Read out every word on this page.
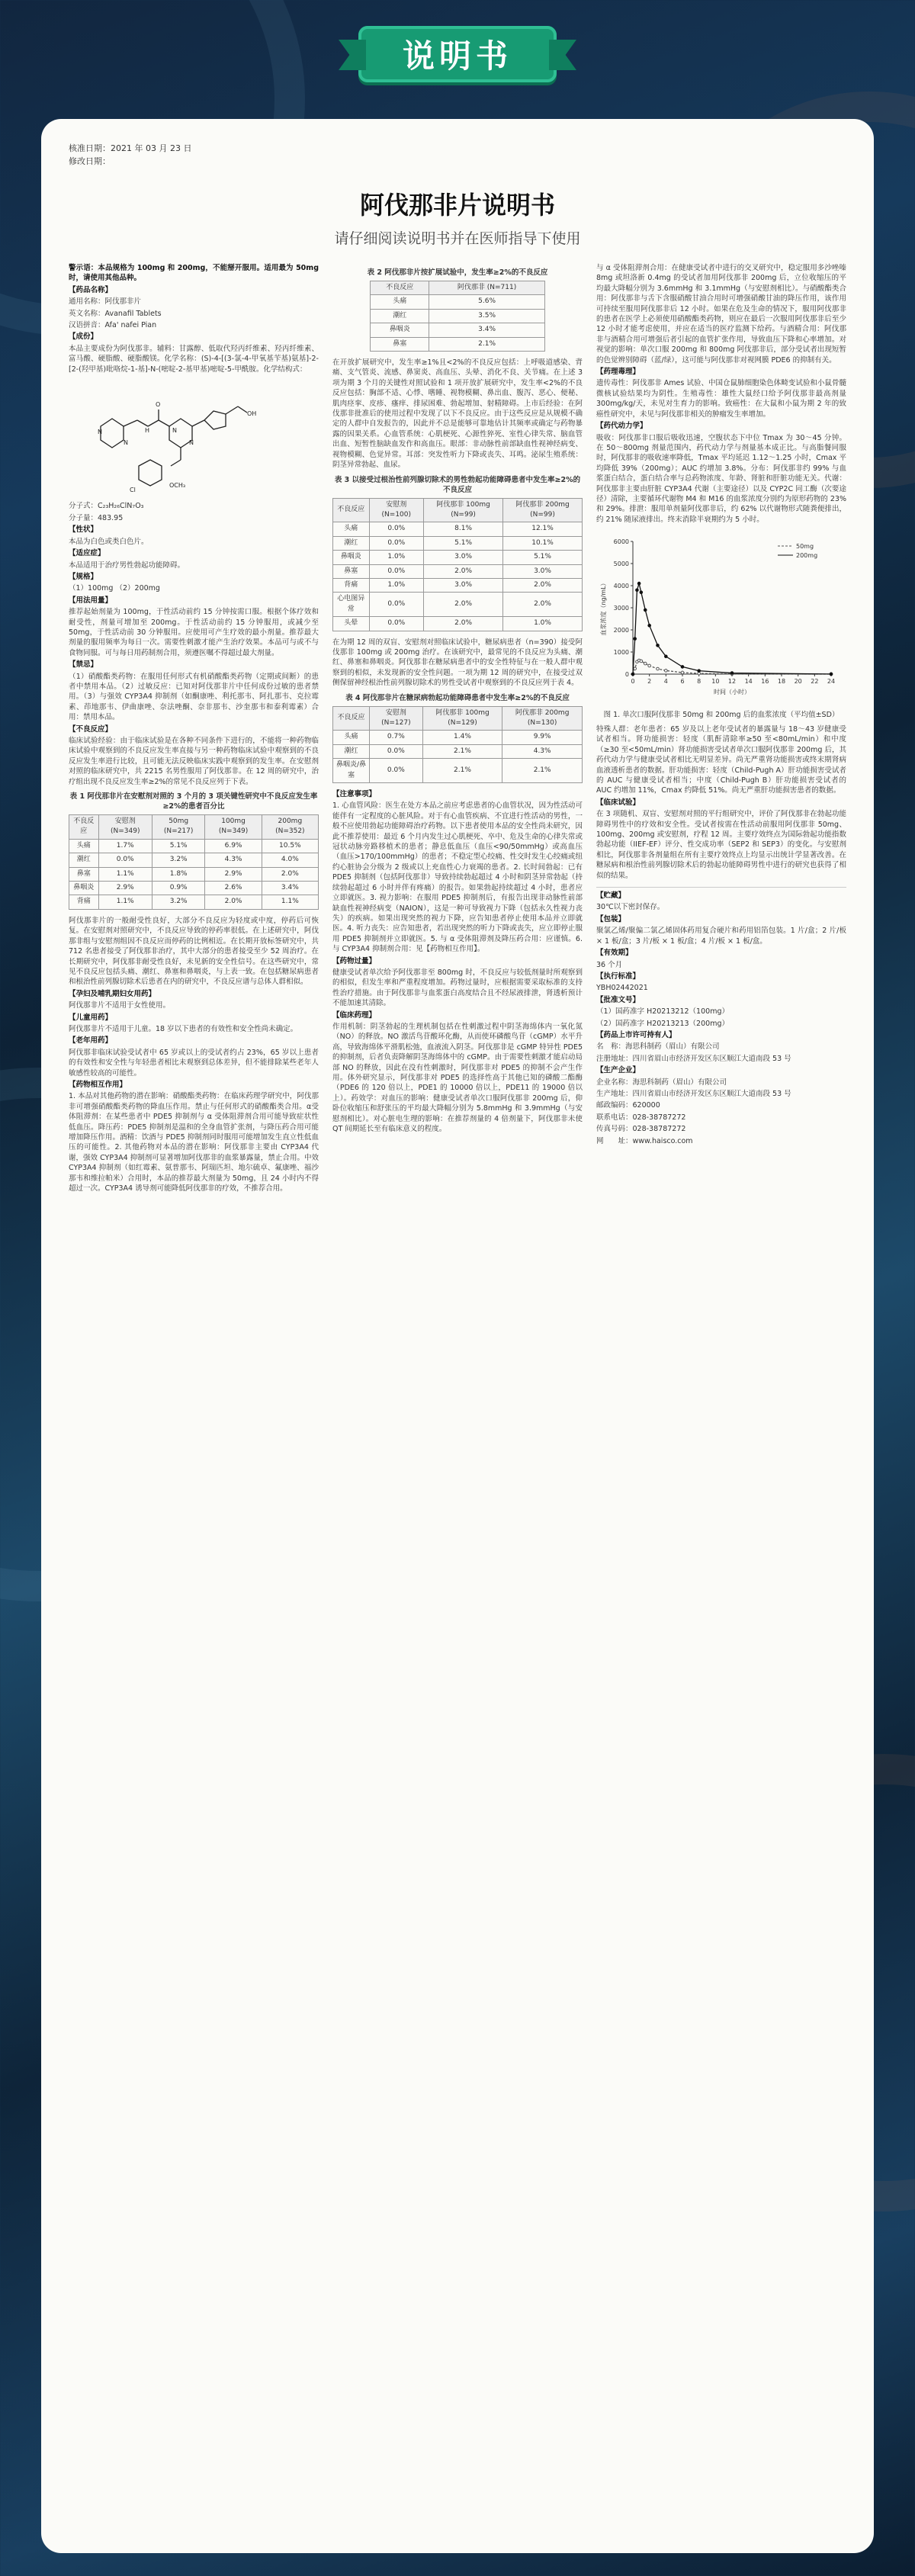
说明书
核准日期：2021 年 03 月 23 日
修改日期：
阿伐那非片说明书
请仔细阅读说明书并在医师指导下使用

警示语：本品规格为 100mg 和 200mg，不能掰开服用。适用最为 50mg 时，请使用其他品种。

【药品名称】

通用名称：阿伐那非片

英文名称：Avanafil Tablets

汉语拼音：Afa' nafei Pian

【成份】

本品主要成份为阿伐那非。辅料：甘露醇、低取代羟丙纤维素、羟丙纤维素、富马酸、硬脂酸、硬脂酸镁。化学名称：(S)-4-[(3-氯-4-甲氧基苄基)氨基]-2-[2-(羟甲基)吡咯烷-1-基]-N-(嘧啶-2-基甲基)嘧啶-5-甲酰胺。化学结构式：

N
N
H
O
N
N
OH
Cl
OCH₃

分子式：C₂₃H₂₆ClN₇O₃

分子量：483.95

【性状】

本品为白色或类白色片。

【适应症】

本品适用于治疗男性勃起功能障碍。

【规格】

（1）100mg （2）200mg

【用法用量】

推荐起始剂量为 100mg，于性活动前约 15 分钟按需口服。根据个体疗效和耐受性，剂量可增加至 200mg。于性活动前约 15 分钟服用，或减少至 50mg，于性活动前 30 分钟服用。应使用可产生疗效的最小剂量。推荐最大剂量的服用频率为每日一次。需要性刺激才能产生治疗效果。本品可与或不与食物同服。可与每日用药制剂合用，须遵医嘱不得超过最大剂量。

【禁忌】

（1）硝酸酯类药物：在服用任何形式有机硝酸酯类药物（定期或间断）的患者中禁用本品。（2）过敏反应：已知对阿伐那非片中任何成份过敏的患者禁用。（3）与强效 CYP3A4 抑制剂（如酮康唑、利托那韦、阿扎那韦、克拉霉素、茚地那韦、伊曲康唑、奈法唑酮、奈非那韦、沙奎那韦和泰利霉素）合用：禁用本品。

【不良反应】

临床试验经验：由于临床试验是在各种不同条件下进行的，不能将一种药物临床试验中观察到的不良反应发生率直接与另一种药物临床试验中观察到的不良反应发生率进行比较，且可能无法反映临床实践中观察到的发生率。在安慰剂对照的临床研究中，共 2215 名男性服用了阿伐那非。在 12 周的研究中，治疗组出现不良反应发生率≥2%的常见不良反应列于下表。

表 1 阿伐那非片在安慰剂对照的 3 个月的 3 项关键性研究中不良反应发生率≥2%的患者百分比
不良反应	安慰剂 (N=349)	50mg (N=217)	100mg (N=349)	200mg (N=352)
头痛	1.7%	5.1%	6.9%	10.5%
潮红	0.0%	3.2%	4.3%	4.0%
鼻塞	1.1%	1.8%	2.9%	2.0%
鼻咽炎	2.9%	0.9%	2.6%	3.4%
背痛	1.1%	3.2%	2.0%	1.1%

阿伐那非片的一般耐受性良好，大部分不良反应为轻度或中度，停药后可恢复。在安慰剂对照研究中，不良反应导致的停药率很低。在上述研究中，阿伐那非组与安慰剂组因不良反应而停药的比例相近。在长期开放标签研究中，共 712 名患者接受了阿伐那非治疗，其中大部分的患者接受至少 52 周治疗。在长期研究中，阿伐那非耐受性良好，未见新的安全性信号。在这些研究中，常见不良反应包括头痛、潮红、鼻塞和鼻咽炎，与上表一致。在包括糖尿病患者和根治性前列腺切除术后患者在内的研究中，不良反应谱与总体人群相似。

【孕妇及哺乳期妇女用药】

阿伐那非片不适用于女性使用。

【儿童用药】

阿伐那非片不适用于儿童。18 岁以下患者的有效性和安全性尚未确定。

【老年用药】

阿伐那非临床试验受试者中 65 岁或以上的受试者约占 23%，65 岁以上患者的有效性和安全性与年轻患者相比未观察到总体差异，但不能排除某些老年人敏感性较高的可能性。

【药物相互作用】

1. 本品对其他药物的潜在影响：硝酸酯类药物：在临床药理学研究中，阿伐那非可增强硝酸酯类药物的降血压作用。禁止与任何形式的硝酸酯类合用。α受体阻滞剂：在某些患者中 PDE5 抑制剂与 α 受体阻滞剂合用可能导致症状性低血压。降压药：PDE5 抑制剂是温和的全身血管扩张剂，与降压药合用可能增加降压作用。酒精：饮酒与 PDE5 抑制剂同时服用可能增加发生直立性低血压的可能性。2. 其他药物对本品的潜在影响：阿伐那非主要由 CYP3A4 代谢，强效 CYP3A4 抑制剂可显著增加阿伐那非的血浆暴露量，禁止合用。中效 CYP3A4 抑制剂（如红霉素、氨普那韦、阿瑞匹坦、地尔硫卓、氟康唑、福沙那韦和维拉帕米）合用时，本品的推荐最大剂量为 50mg，且 24 小时内不得超过一次。CYP3A4 诱导剂可能降低阿伐那非的疗效，不推荐合用。

表 2 阿伐那非片按扩展试验中，发生率≥2%的不良反应
不良反应	阿伐那非 (N=711)
头痛	5.6%
潮红	3.5%
鼻咽炎	3.4%
鼻塞	2.1%

在开放扩展研究中，发生率≥1%且<2%的不良反应包括：上呼吸道感染、背痛、支气管炎、流感、鼻窦炎、高血压、头晕、消化不良、关节痛。在上述 3 项为期 3 个月的关键性对照试验和 1 项开放扩展研究中，发生率<2%的不良反应包括：胸部不适、心悸、嗜睡、视物模糊、鼻出血、腹泻、恶心、便秘、肌肉痉挛、皮疹、瘙痒、排尿困难、勃起增加、射精障碍。上市后经验：在阿伐那非批准后的使用过程中发现了以下不良反应。由于这些反应是从规模不确定的人群中自发报告的，因此并不总是能够可靠地估计其频率或确定与药物暴露的因果关系。心血管系统：心肌梗死、心源性猝死、室性心律失常、脑血管出血、短暂性脑缺血发作和高血压。眼部：非动脉性前部缺血性视神经病变、视物模糊、色觉异常。耳部：突发性听力下降或丧失、耳鸣。泌尿生殖系统：阴茎异常勃起、血尿。

表 3 以接受过根治性前列腺切除术的男性勃起功能障碍患者中发生率≥2%的不良反应
不良反应	安慰剂 (N=100)	阿伐那非 100mg (N=99)	阿伐那非 200mg (N=99)
头痛	0.0%	8.1%	12.1%
潮红	0.0%	5.1%	10.1%
鼻咽炎	1.0%	3.0%	5.1%
鼻塞	0.0%	2.0%	3.0%
背痛	1.0%	3.0%	2.0%
心电图异常	0.0%	2.0%	2.0%
头晕	0.0%	2.0%	1.0%

在为期 12 周的双盲、安慰剂对照临床试验中，糖尿病患者（n=390）接受阿伐那非 100mg 或 200mg 治疗。在该研究中，最常见的不良反应为头痛、潮红、鼻塞和鼻咽炎。阿伐那非在糖尿病患者中的安全性特征与在一般人群中观察到的相似，未发现新的安全性问题。一项为期 12 周的研究中，在接受过双侧保留神经根治性前列腺切除术的男性受试者中观察到的不良反应列于表 4。

表 4 阿伐那非片在糖尿病勃起功能障碍患者中发生率≥2%的不良反应
不良反应	安慰剂 (N=127)	阿伐那非 100mg (N=129)	阿伐那非 200mg (N=130)
头痛	0.7%	1.4%	9.9%
潮红	0.0%	2.1%	4.3%
鼻咽炎/鼻塞	0.0%	2.1%	2.1%

【注意事项】

1. 心血管风险：医生在处方本品之前应考虑患者的心血管状况，因为性活动可能伴有一定程度的心脏风险。对于有心血管疾病、不宜进行性活动的男性，一般不应使用勃起功能障碍治疗药物。以下患者使用本品的安全性尚未研究，因此不推荐使用：最近 6 个月内发生过心肌梗死、卒中、危及生命的心律失常或冠状动脉旁路移植术的患者；静息低血压（血压<90/50mmHg）或高血压（血压>170/100mmHg）的患者；不稳定型心绞痛、性交时发生心绞痛或纽约心脏协会分级为 2 级或以上充血性心力衰竭的患者。2. 长时间勃起：已有 PDE5 抑制剂（包括阿伐那非）导致持续勃起超过 4 小时和阴茎异常勃起（持续勃起超过 6 小时并伴有疼痛）的报告。如果勃起持续超过 4 小时，患者应立即就医。3. 视力影响：在服用 PDE5 抑制剂后，有报告出现非动脉性前部缺血性视神经病变（NAION），这是一种可导致视力下降（包括永久性视力丧失）的疾病。如果出现突然的视力下降，应告知患者停止使用本品并立即就医。4. 听力丧失：应告知患者，若出现突然的听力下降或丧失，应立即停止服用 PDE5 抑制剂并立即就医。5. 与 α 受体阻滞剂及降压药合用：应谨慎。6. 与 CYP3A4 抑制剂合用：见【药物相互作用】。

【药物过量】

健康受试者单次给予阿伐那非至 800mg 时，不良反应与较低剂量时所观察到的相似，但发生率和严重程度增加。药物过量时，应根据需要采取标准的支持性治疗措施。由于阿伐那非与血浆蛋白高度结合且不经尿液排泄，肾透析预计不能加速其清除。

【临床药理】

作用机制：阴茎勃起的生理机制包括在性刺激过程中阴茎海绵体内一氧化氮（NO）的释放。NO 激活鸟苷酸环化酶，从而使环磷酸鸟苷（cGMP）水平升高，导致海绵体平滑肌松弛，血液流入阴茎。阿伐那非是 cGMP 特异性 PDE5 的抑制剂，后者负责降解阴茎海绵体中的 cGMP。由于需要性刺激才能启动局部 NO 的释放，因此在没有性刺激时，阿伐那非对 PDE5 的抑制不会产生作用。体外研究显示，阿伐那非对 PDE5 的选择性高于其他已知的磷酸二酯酶（PDE6 的 120 倍以上，PDE1 的 10000 倍以上，PDE11 的 19000 倍以上）。药效学：对血压的影响：健康受试者单次口服阿伐那非 200mg 后，仰卧位收缩压和舒张压的平均最大降幅分别为 5.8mmHg 和 3.9mmHg（与安慰剂相比）。对心脏电生理的影响：在推荐剂量的 4 倍剂量下，阿伐那非未使 QT 间期延长至有临床意义的程度。

与 α 受体阻滞剂合用：在健康受试者中进行的交叉研究中，稳定服用多沙唑嗪 8mg 或坦洛新 0.4mg 的受试者加用阿伐那非 200mg 后，立位收缩压的平均最大降幅分别为 3.6mmHg 和 3.1mmHg（与安慰剂相比）。与硝酸酯类合用：阿伐那非与舌下含服硝酸甘油合用时可增强硝酸甘油的降压作用，该作用可持续至服用阿伐那非后 12 小时。如果在危及生命的情况下，服用阿伐那非的患者在医学上必须使用硝酸酯类药物，则应在最后一次服用阿伐那非后至少 12 小时才能考虑使用，并应在适当的医疗监测下给药。与酒精合用：阿伐那非与酒精合用可增强后者引起的血管扩张作用，导致血压下降和心率增加。对视觉的影响：单次口服 200mg 和 800mg 阿伐那非后，部分受试者出现短暂的色觉辨别障碍（蓝/绿），这可能与阿伐那非对视网膜 PDE6 的抑制有关。

【药理毒理】

遗传毒性：阿伐那非 Ames 试验、中国仓鼠肺细胞染色体畸变试验和小鼠骨髓微核试验结果均为阴性。生殖毒性：雄性大鼠经口给予阿伐那非最高剂量 300mg/kg/天，未见对生育力的影响。致癌性：在大鼠和小鼠为期 2 年的致癌性研究中，未见与阿伐那非相关的肿瘤发生率增加。

【药代动力学】

吸收：阿伐那非口服后吸收迅速，空腹状态下中位 Tmax 为 30～45 分钟。在 50～800mg 剂量范围内，药代动力学与剂量基本成正比。与高脂餐同服时，阿伐那非的吸收速率降低，Tmax 平均延迟 1.12～1.25 小时，Cmax 平均降低 39%（200mg）；AUC 约增加 3.8%。分布：阿伐那非约 99% 与血浆蛋白结合，蛋白结合率与总药物浓度、年龄、肾脏和肝脏功能无关。代谢：阿伐那非主要由肝脏 CYP3A4 代谢（主要途径）以及 CYP2C 同工酶（次要途径）清除，主要循环代谢物 M4 和 M16 的血浆浓度分别约为原形药物的 23% 和 29%。排泄：服用单剂量阿伐那非后，约 62% 以代谢物形式随粪便排出，约 21% 随尿液排出。终末消除半衰期约为 5 小时。

0 2 4 6 8 10 12 14 16 18 20 22 24
0
1000
2000
3000
4000
5000
6000
时间（小时）
血浆浓度（ng/mL）
50mg
200mg
图 1. 单次口服阿伐那非 50mg 和 200mg 后的血浆浓度（平均值±SD）

特殊人群：老年患者：65 岁及以上老年受试者的暴露量与 18～43 岁健康受试者相当。肾功能损害：轻度（肌酐清除率≥50 至<80mL/min）和中度（≥30 至<50mL/min）肾功能损害受试者单次口服阿伐那非 200mg 后，其药代动力学与健康受试者相比无明显差异。尚无严重肾功能损害或终末期肾病血液透析患者的数据。肝功能损害：轻度（Child-Pugh A）肝功能损害受试者的 AUC 与健康受试者相当；中度（Child-Pugh B）肝功能损害受试者的 AUC 约增加 11%，Cmax 约降低 51%。尚无严重肝功能损害患者的数据。

【临床试验】

在 3 项随机、双盲、安慰剂对照的平行组研究中，评价了阿伐那非在勃起功能障碍男性中的疗效和安全性。受试者按需在性活动前服用阿伐那非 50mg、100mg、200mg 或安慰剂，疗程 12 周。主要疗效终点为国际勃起功能指数勃起功能（IIEF-EF）评分、性交成功率（SEP2 和 SEP3）的变化。与安慰剂相比，阿伐那非各剂量组在所有主要疗效终点上均显示出统计学显著改善。在糖尿病和根治性前列腺切除术后的勃起功能障碍男性中进行的研究也获得了相似的结果。

【贮藏】

30℃以下密封保存。

【包装】

聚氯乙烯/聚偏二氯乙烯固体药用复合硬片和药用铝箔包装。1 片/盒；2 片/板 × 1 板/盒；3 片/板 × 1 板/盒；4 片/板 × 1 板/盒。

【有效期】

36 个月

【执行标准】

YBH02442021

【批准文号】

（1）国药准字 H20213212（100mg）

（2）国药准字 H20213213（200mg）

【药品上市许可持有人】

名　称：海思科制药（眉山）有限公司

注册地址：四川省眉山市经济开发区东区顺江大道南段 53 号

【生产企业】

企业名称：海思科制药（眉山）有限公司

生产地址：四川省眉山市经济开发区东区顺江大道南段 53 号

邮政编码：620000

联系电话：028-38787272

传真号码：028-38787272

网　　址：www.haisco.com
